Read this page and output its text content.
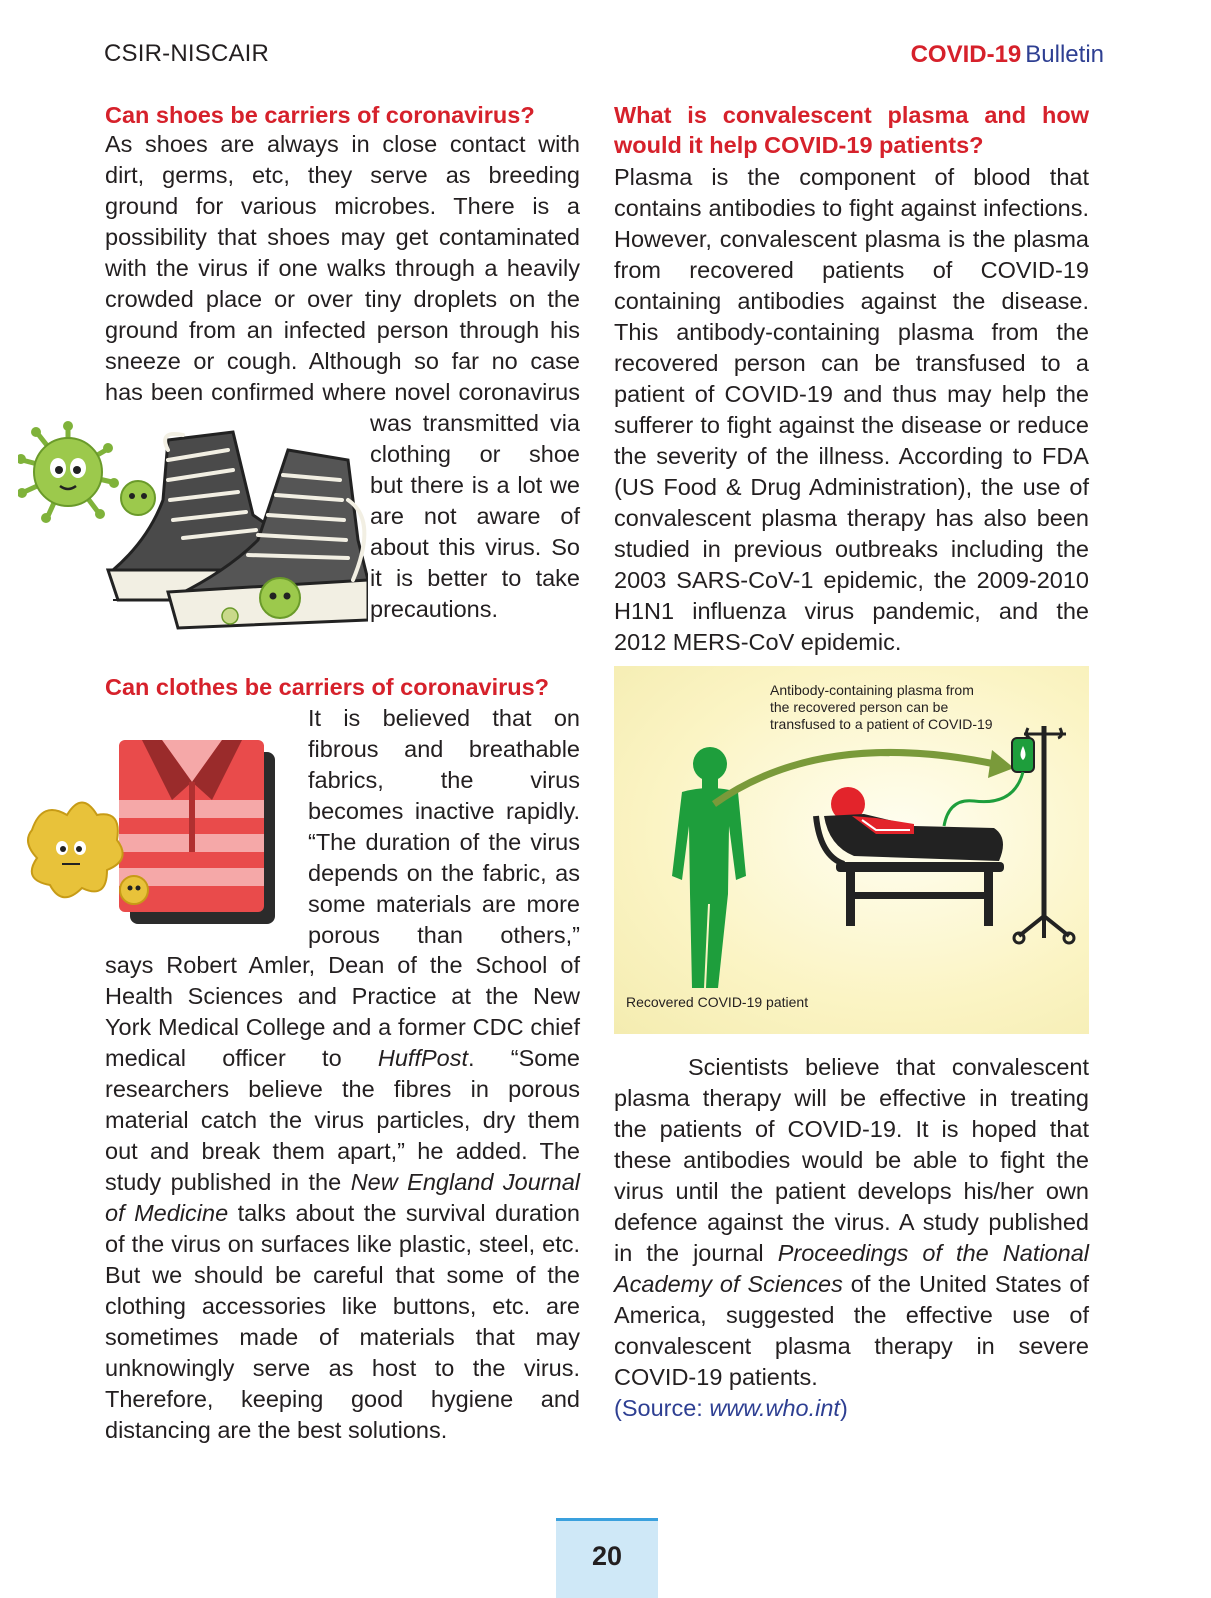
CSIR-NISCAIR	COVID-19 Bulletin
Can shoes be carriers of coronavirus?
As shoes are always in close contact with
dirt, germs, etc, they serve as breeding
ground for various microbes. There is a
possibility that shoes may get contaminated
with the virus if one walks through a heavily
crowded place or over tiny droplets on the
ground from an infected person through his
sneeze or cough. Although so far no case
has been confirmed where novel coronavirus
was transmitted via
clothing or shoe
but there is a lot we
are not aware of
about this virus. So
it is better to take
precautions.
Can clothes be carriers of coronavirus?
It is believed that on
fibrous and breathable
fabrics, the virus
becomes inactive rapidly.
“The duration of the virus
depends on the fabric, as
some materials are more
porous than others,”

says Robert Amler, Dean of the School of Health Sciences and Practice at the New York Medical College and a former CDC chief medical officer to HuffPost. “Some researchers believe the fibres in porous material catch the virus particles, dry them out and break them apart,” he added. The study published in the New England Journal of Medicine talks about the survival duration of the virus on surfaces like plastic, steel, etc. But we should be careful that some of the clothing accessories like buttons, etc. are sometimes made of materials that may unknowingly serve as host to the virus. Therefore, keeping good hygiene and distancing are the best solutions.

What is convalescent plasma and how
would it help COVID-19 patients?

Plasma is the component of blood that contains antibodies to fight against infections. However, convalescent plasma is the plasma from recovered patients of COVID-19 containing antibodies against the disease. This antibody-containing plasma from the recovered person can be transfused to a patient of COVID-19 and thus may help the sufferer to fight against the disease or reduce the severity of the illness. According to FDA (US Food & Drug Administration), the use of convalescent plasma therapy has also been studied in previous outbreaks including the 2003 SARS-CoV-1 epidemic, the 2009-2010 H1N1 influenza virus pandemic, and the 2012 MERS-CoV epidemic.

Antibody-containing plasma from
the recovered person can be
transfused to a patient of COVID-19
Recovered COVID-19 patient

Scientists believe that convalescent plasma therapy will be effective in treating the patients of COVID-19. It is hoped that these antibodies would be able to fight the virus until the patient develops his/her own defence against the virus. A study published in the journal Proceedings of the National Academy of Sciences of the United States of America, suggested the effective use of convalescent plasma therapy in severe COVID-19 patients.

(Source: www.who.int)

20
